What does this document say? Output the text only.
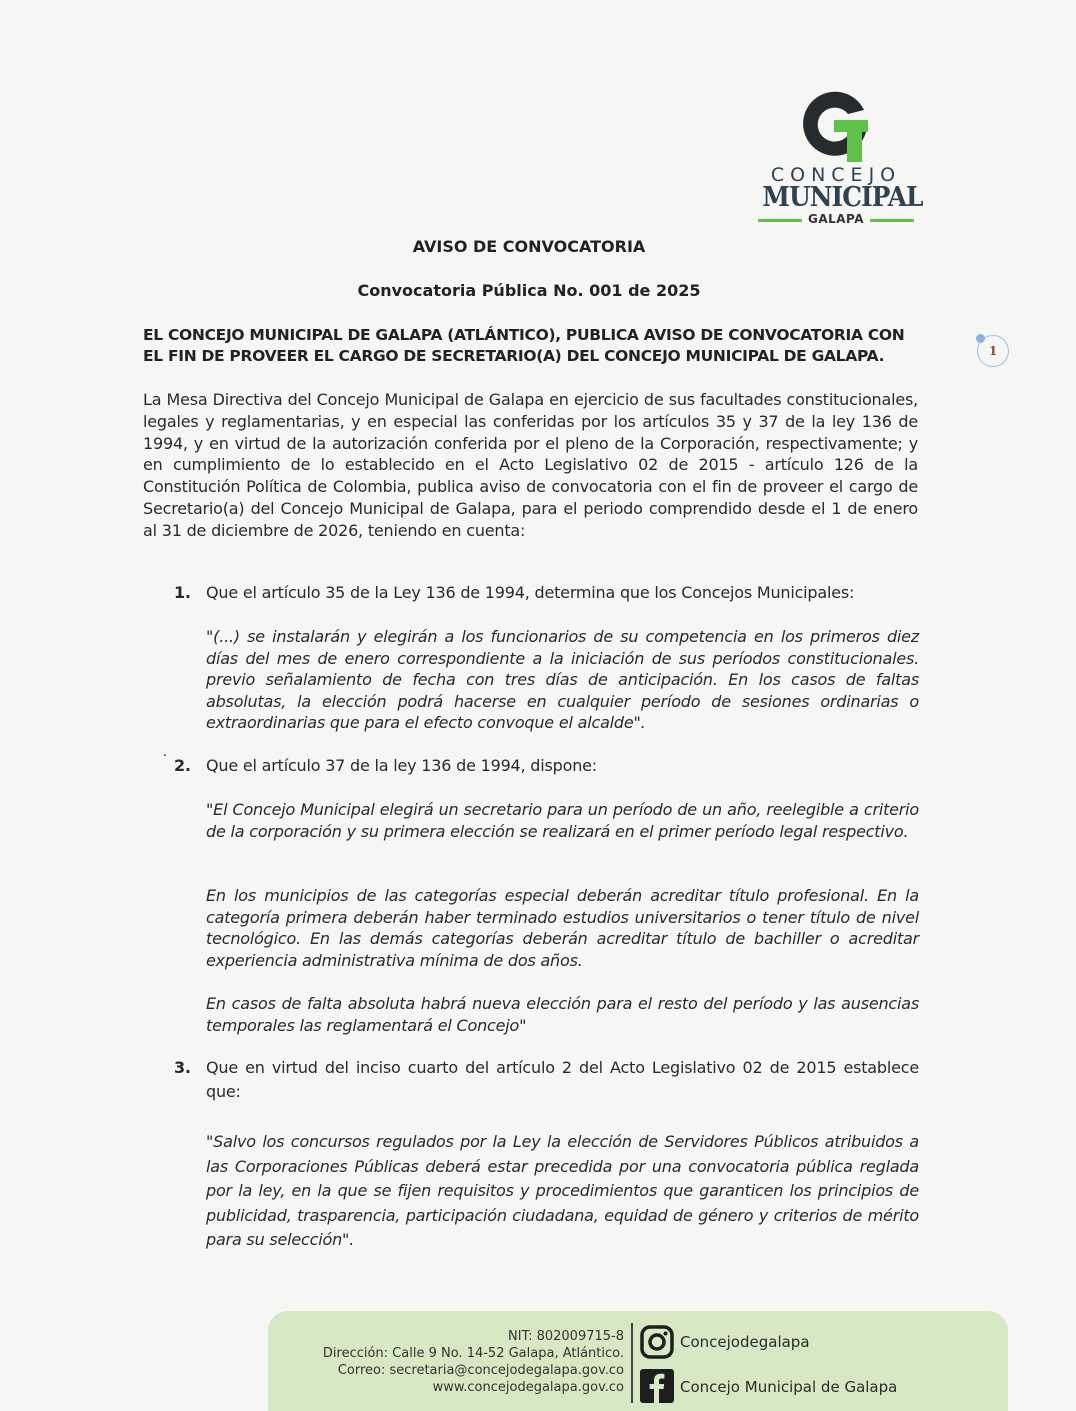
CONCEJO
MUNICIPAL
GALAPA
AVISO DE CONVOCATORIA
Convocatoria Pública No. 001 de 2025
EL CONCEJO MUNICIPAL DE GALAPA (ATLÁNTICO), PUBLICA AVISO DE CONVOCATORIA CON EL FIN DE PROVEER EL CARGO DE SECRETARIO(A) DEL CONCEJO MUNICIPAL DE GALAPA.	1
La Mesa Directiva del Concejo Municipal de Galapa en ejercicio de sus facultades constitucionales, legales y reglamentarias, y en especial las conferidas por los artículos 35 y 37 de la ley 136 de 1994, y en virtud de la autorización conferida por el pleno de la Corporación, respectivamente; y en cumplimiento de lo establecido en el Acto Legislativo 02 de 2015 - artículo 126 de la Constitución Política de Colombia, publica aviso de convocatoria con el fin de proveer el cargo de Secretario(a) del Concejo Municipal de Galapa, para el periodo comprendido desde el 1 de enero al 31 de diciembre de 2026, teniendo en cuenta:
1. Que el artículo 35 de la Ley 136 de 1994, determina que los Concejos Municipales:
"(...) se instalarán y elegirán a los funcionarios de su competencia en los primeros diez días del mes de enero correspondiente a la iniciación de sus períodos constitucionales. previo señalamiento de fecha con tres días de anticipación. En los casos de faltas absolutas, la elección podrá hacerse en cualquier período de sesiones ordinarias o extraordinarias que para el efecto convoque el alcalde".
2. Que el artículo 37 de la ley 136 de 1994, dispone:
"El Concejo Municipal elegirá un secretario para un período de un año, reelegible a criterio de la corporación y su primera elección se realizará en el primer período legal respectivo.
En los municipios de las categorías especial deberán acreditar título profesional. En la categoría primera deberán haber terminado estudios universitarios o tener título de nivel tecnológico. En las demás categorías deberán acreditar título de bachiller o acreditar experiencia administrativa mínima de dos años.
En casos de falta absoluta habrá nueva elección para el resto del período y las ausencias temporales las reglamentará el Concejo"
3. Que en virtud del inciso cuarto del artículo 2 del Acto Legislativo 02 de 2015 establece que:
"Salvo los concursos regulados por la Ley la elección de Servidores Públicos atribuidos a las Corporaciones Públicas deberá estar precedida por una convocatoria pública reglada por la ley, en la que se fijen requisitos y procedimientos que garanticen los principios de publicidad, trasparencia, participación ciudadana, equidad de género y criterios de mérito para su selección".
NIT: 802009715-8
Dirección: Calle 9 No. 14-52 Galapa, Atlántico.
Correo: secretaria@concejodegalapa.gov.co
www.concejodegalapa.gov.co
Concejodegalapa
Concejo Municipal de Galapa
